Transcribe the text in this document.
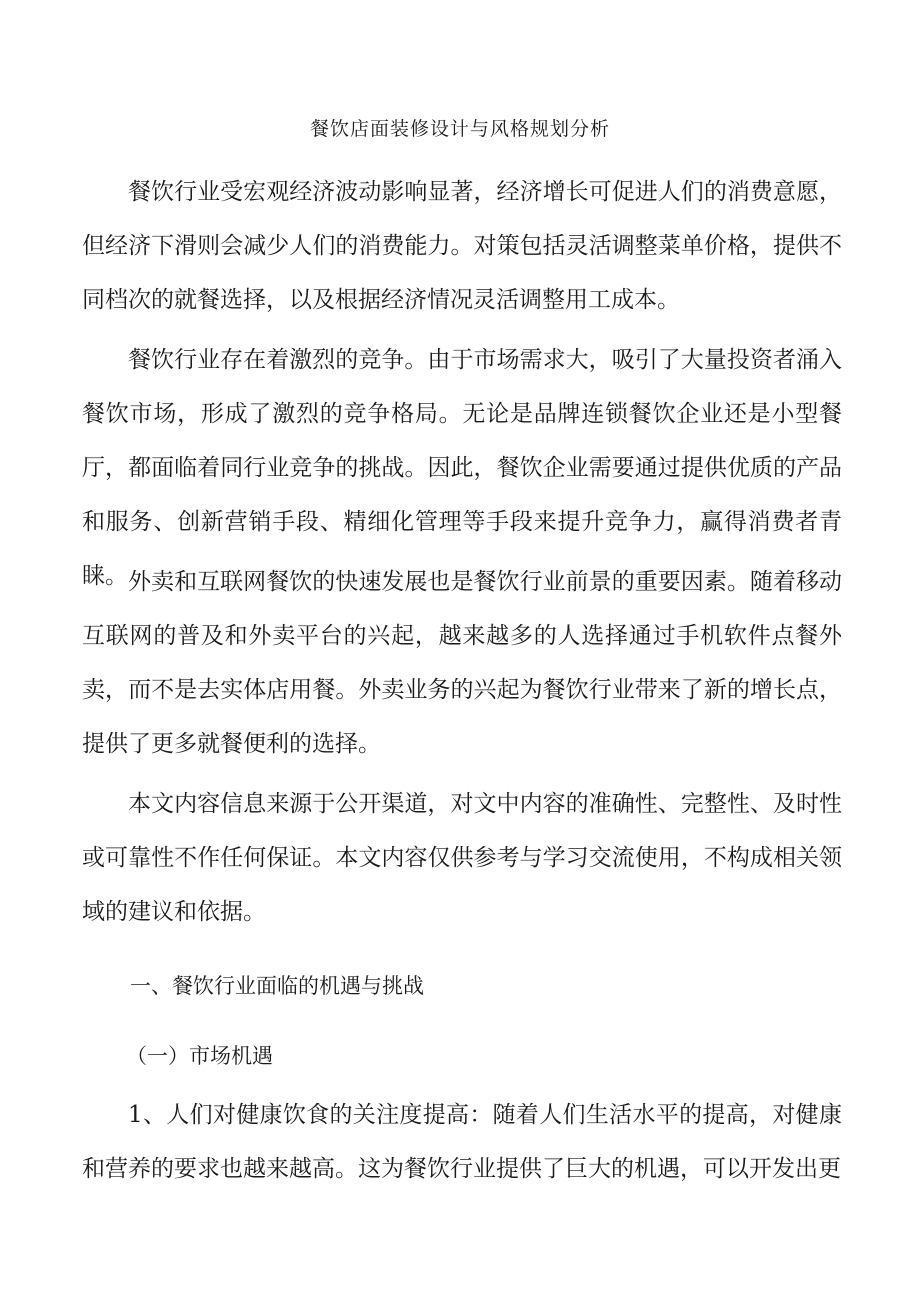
餐饮店面装修设计与风格规划分析

餐饮行业受宏观经济波动影响显著，经济增长可促进人们的消费意愿，但经济下滑则会减少人们的消费能力。对策包括灵活调整菜单价格，提供不同档次的就餐选择，以及根据经济情况灵活调整用工成本。

餐饮行业存在着激烈的竞争。由于市场需求大，吸引了大量投资者涌入餐饮市场，形成了激烈的竞争格局。无论是品牌连锁餐饮企业还是小型餐厅，都面临着同行业竞争的挑战。因此，餐饮企业需要通过提供优质的产品和服务、创新营销手段、精细化管理等手段来提升竞争力，赢得消费者青睐。 外卖和互联网餐饮的快速发展也是餐饮行业前景的重要因素。随着移动互联网的普及和外卖平台的兴起，越来越多的人选择通过手机软件点餐外卖，而不是去实体店用餐。外卖业务的兴起为餐饮行业带来了新的增长点，提供了更多就餐便利的选择。

本文内容信息来源于公开渠道，对文中内容的准确性、完整性、及时性或可靠性不作任何保证。本文内容仅供参考与学习交流使用，不构成相关领域的建议和依据。

一、餐饮行业面临的机遇与挑战
（一）市场机遇

1、人们对健康饮食的关注度提高：随着人们生活水平的提高，对健康和营养的要求也越来越高。这为餐饮行业提供了巨大的机遇，可以开发出更
